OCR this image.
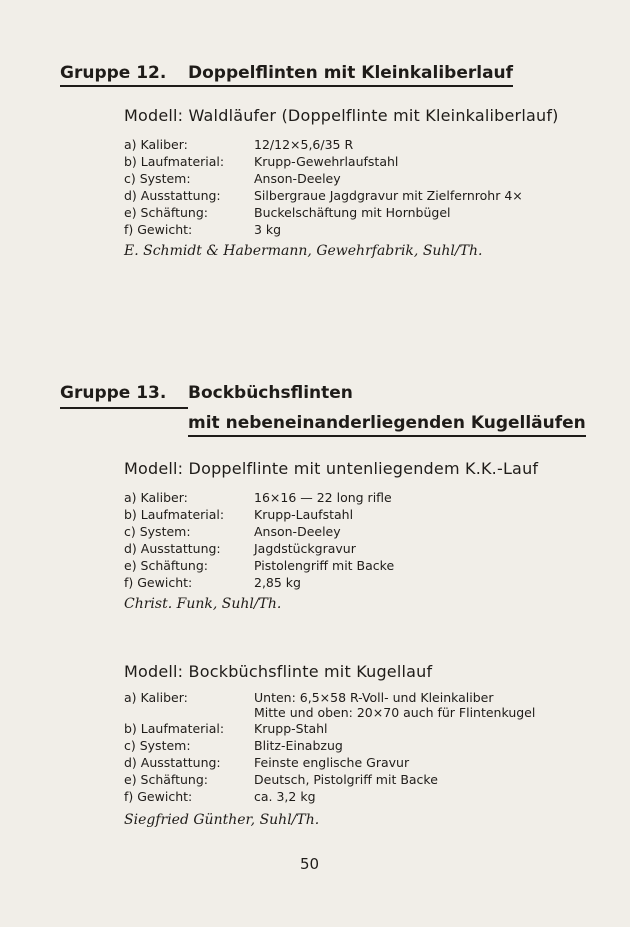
Gruppe 12. Doppelflinten mit Kleinkaliberlauf
Modell: Waldläufer (Doppelflinte mit Kleinkaliberlauf)
a) Kaliber:	12/12×5,6/35 R
b) Laufmaterial:	Krupp-Gewehrlaufstahl
c) System:	Anson-Deeley
d) Ausstattung:	Silbergraue Jagdgravur mit Zielfernrohr 4×
e) Schäftung:	Buckelschäftung mit Hornbügel
f) Gewicht:	3 kg
E. Schmidt & Habermann, Gewehrfabrik, Suhl/Th.
Gruppe 13. Bockbüchsflinten
mit nebeneinanderliegenden Kugelläufen
Modell: Doppelflinte mit untenliegendem K.K.-Lauf
a) Kaliber:	16×16 — 22 long rifle
b) Laufmaterial:	Krupp-Laufstahl
c) System:	Anson-Deeley
d) Ausstattung:	Jagdstückgravur
e) Schäftung:	Pistolengriff mit Backe
f) Gewicht:	2,85 kg
Christ. Funk, Suhl/Th.
Modell: Bockbüchsflinte mit Kugellauf
a) Kaliber:	Unten: 6,5×58 R-Voll- und Kleinkaliber
Mitte und oben: 20×70 auch für Flintenkugel
b) Laufmaterial:	Krupp-Stahl
c) System:	Blitz-Einabzug
d) Ausstattung:	Feinste englische Gravur
e) Schäftung:	Deutsch, Pistolgriff mit Backe
f) Gewicht:	ca. 3,2 kg
Siegfried Günther, Suhl/Th.
50
